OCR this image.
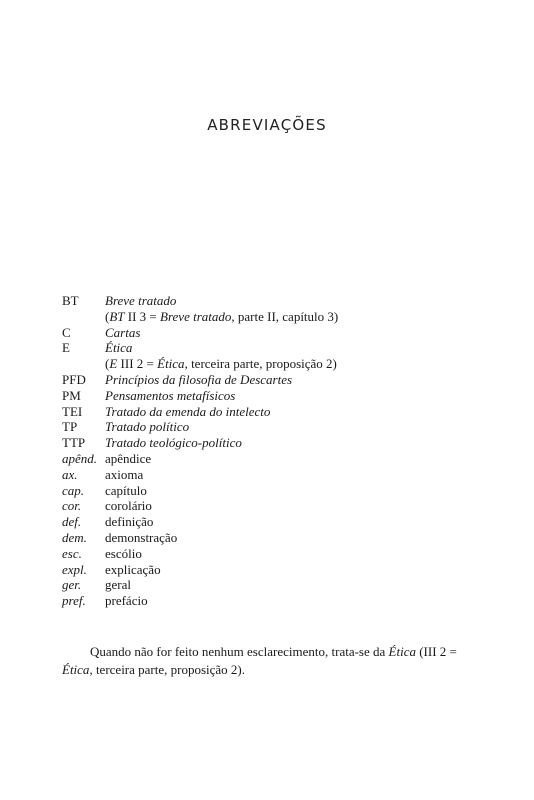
ABREVIAÇÕES
BT	Breve tratado
(BT II 3 = Breve tratado, parte II, capítulo 3)
C	Cartas
E	Ética
(E III 2 = Ética, terceira parte, proposição 2)
PFD	Princípios da filosofia de Descartes
PM	Pensamentos metafísicos
TEI	Tratado da emenda do intelecto
TP	Tratado político
TTP	Tratado teológico-político
apênd. apêndice
ax.	axioma
cap.	capítulo
cor.	corolário
def.	definição
dem.	demonstração
esc.	escólio
expl.	explicação
ger.	geral
pref.	prefácio

Quando não for feito nenhum esclarecimento, trata-se da Ética (III 2 = Ética, terceira parte, proposição 2).
